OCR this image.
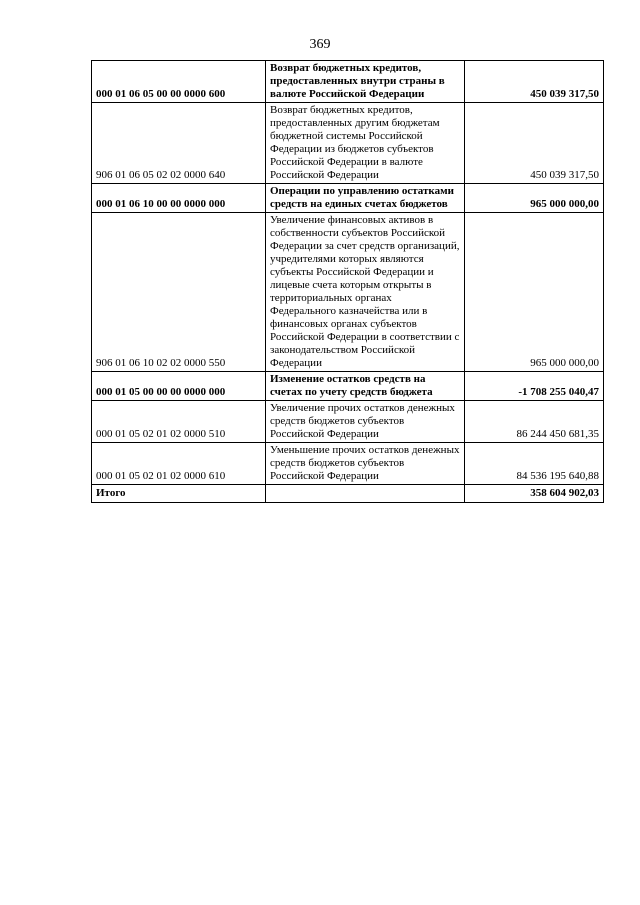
369
000 01 06 05 00 00 0000 600	Возврат бюджетных кредитов, предоставленных внутри страны в валюте Российской Федерации	450 039 317,50
906 01 06 05 02 02 0000 640	Возврат бюджетных кредитов, предоставленных другим бюджетам бюджетной системы Российской Федерации из бюджетов субъектов Российской Федерации в валюте Российской Федерации	450 039 317,50
000 01 06 10 00 00 0000 000	Операции по управлению остатками средств на единых счетах бюджетов	965 000 000,00
906 01 06 10 02 02 0000 550	Увеличение финансовых активов в собственности субъектов Российской Федерации за счет средств организаций, учредителями которых являются субъекты Российской Федерации и лицевые счета которым открыты в территориальных органах Федерального казначейства или в финансовых органах субъектов Российской Федерации в соответствии с законодательством Российской Федерации	965 000 000,00
000 01 05 00 00 00 0000 000	Изменение остатков средств на счетах по учету средств бюджета	-1 708 255 040,47
000 01 05 02 01 02 0000 510	Увеличение прочих остатков денежных средств бюджетов субъектов Российской Федерации	86 244 450 681,35
000 01 05 02 01 02 0000 610	Уменьшение прочих остатков денежных средств бюджетов субъектов Российской Федерации	84 536 195 640,88
Итого		358 604 902,03
